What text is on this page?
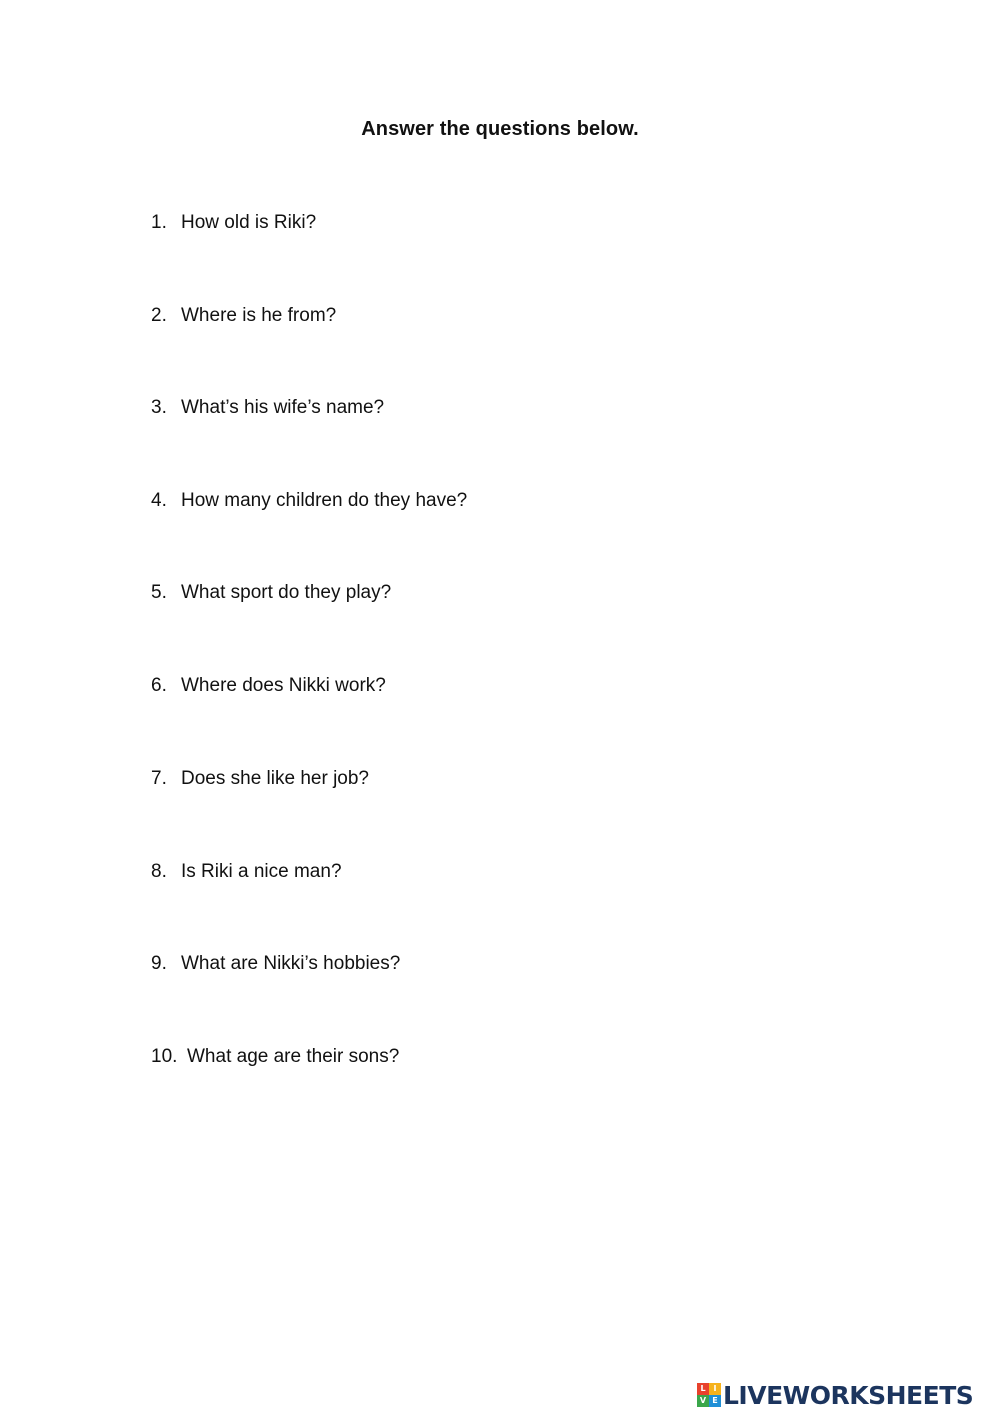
Answer the questions below.
1. How old is Riki?
2. Where is he from?
3. What’s his wife’s name?
4. How many children do they have?
5. What sport do they play?
6. Where does Nikki work?
7. Does she like her job?
8. Is Riki a nice man?
9. What are Nikki’s hobbies?
10. What age are their sons?
L I
V E LIVEWORKSHEETS
